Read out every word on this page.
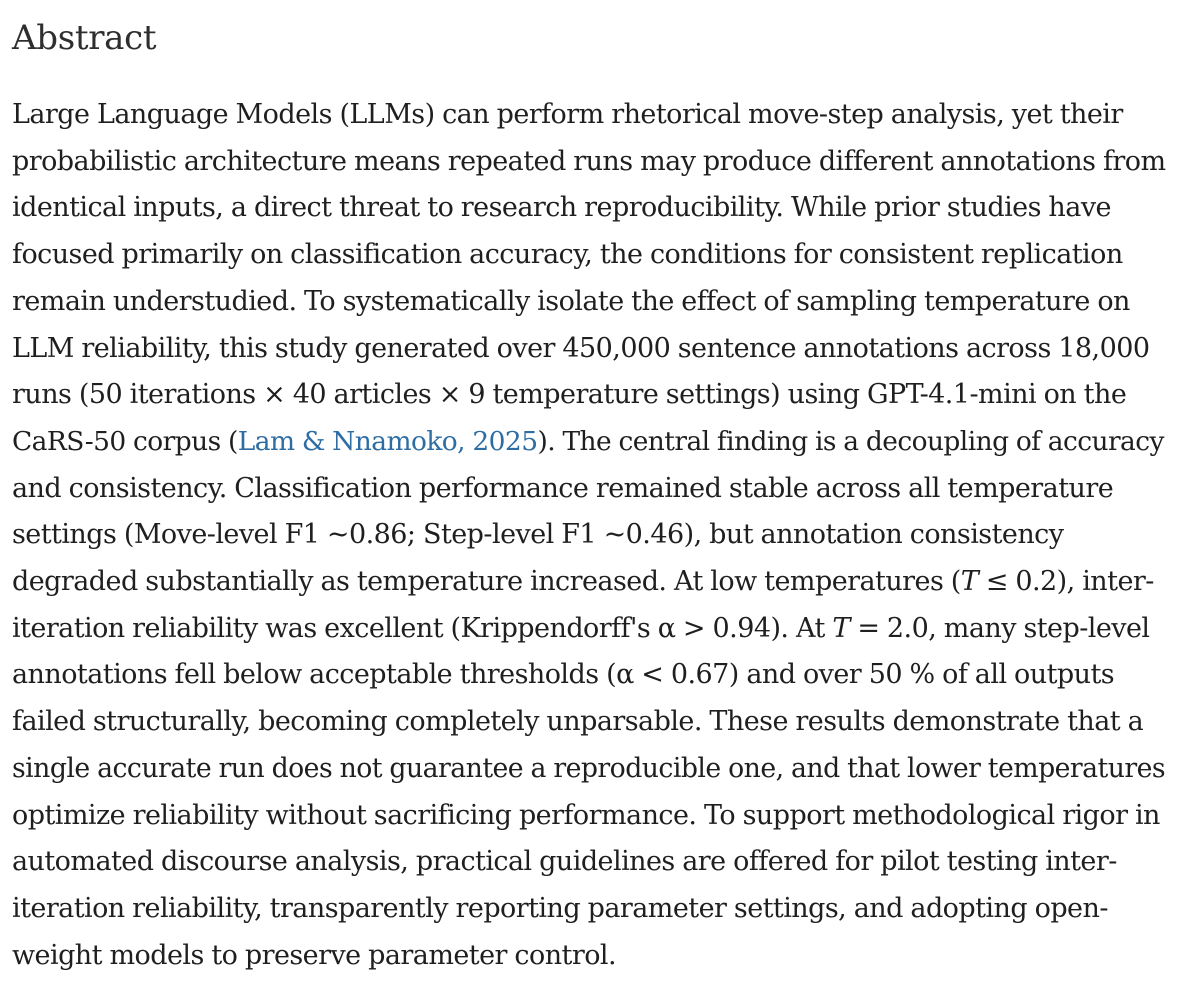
Abstract

Large Language Models (LLMs) can perform rhetorical move-step analysis, yet their
probabilistic architecture means repeated runs may produce different annotations from
identical inputs, a direct threat to research reproducibility. While prior studies have
focused primarily on classification accuracy, the conditions for consistent replication
remain understudied. To systematically isolate the effect of sampling temperature on
LLM reliability, this study generated over 450,000 sentence annotations across 18,000
runs (50 iterations × 40 articles × 9 temperature settings) using GPT-4.1-mini on the
CaRS-50 corpus (Lam & Nnamoko, 2025). The central finding is a decoupling of accuracy
and consistency. Classification performance remained stable across all temperature
settings (Move-level F1 ~0.86; Step-level F1 ~0.46), but annotation consistency
degraded substantially as temperature increased. At low temperatures (T ≤ 0.2), inter-
iteration reliability was excellent (Krippendorff's α > 0.94). At T = 2.0, many step-level
annotations fell below acceptable thresholds (α < 0.67) and over 50 % of all outputs
failed structurally, becoming completely unparsable. These results demonstrate that a
single accurate run does not guarantee a reproducible one, and that lower temperatures
optimize reliability without sacrificing performance. To support methodological rigor in
automated discourse analysis, practical guidelines are offered for pilot testing inter-
iteration reliability, transparently reporting parameter settings, and adopting open-
weight models to preserve parameter control.
